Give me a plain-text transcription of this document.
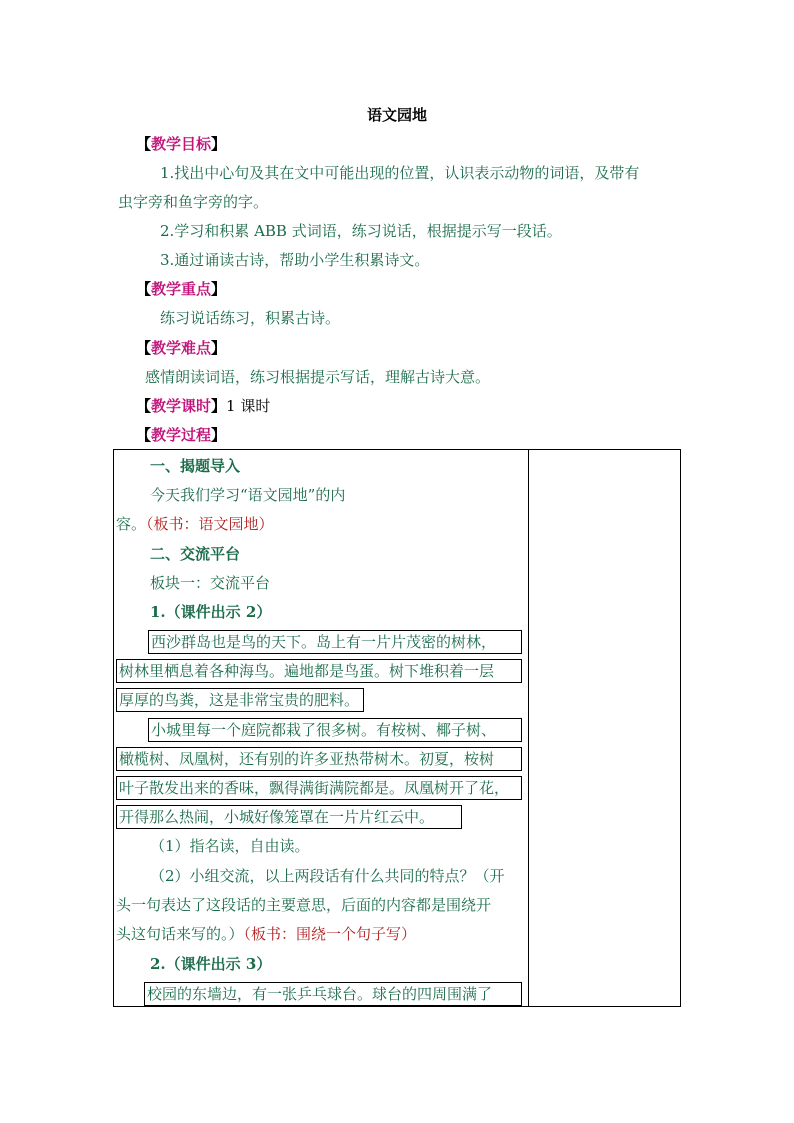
语文园地
【教学目标】
1.找出中心句及其在文中可能出现的位置，认识表示动物的词语，及带有
虫字旁和鱼字旁的字。
2.学习和积累 ABB 式词语，练习说话，根据提示写一段话。
3.通过诵读古诗，帮助小学生积累诗文。
【教学重点】
练习说话练习，积累古诗。
【教学难点】
感情朗读词语，练习根据提示写话，理解古诗大意。
【教学课时】1 课时
【教学过程】
一、揭题导入
今天我们学习“语文园地”的内
容。（板书：语文园地）
二、交流平台
板块一：交流平台
1.（课件出示 2）
西沙群岛也是鸟的天下。岛上有一片片茂密的树林，
树林里栖息着各种海鸟。遍地都是鸟蛋。树下堆积着一层
厚厚的鸟粪，这是非常宝贵的肥料。
小城里每一个庭院都栽了很多树。有桉树、椰子树、
橄榄树、凤凰树，还有别的许多亚热带树木。初夏，桉树
叶子散发出来的香味，飘得满街满院都是。凤凰树开了花，
开得那么热闹，小城好像笼罩在一片片红云中。
（1）指名读，自由读。
（2）小组交流，以上两段话有什么共同的特点？（开
头一句表达了这段话的主要意思，后面的内容都是围绕开
头这句话来写的。）（板书：围绕一个句子写）
2.（课件出示 3）
校园的东墙边，有一张乒乓球台。球台的四周围满了
